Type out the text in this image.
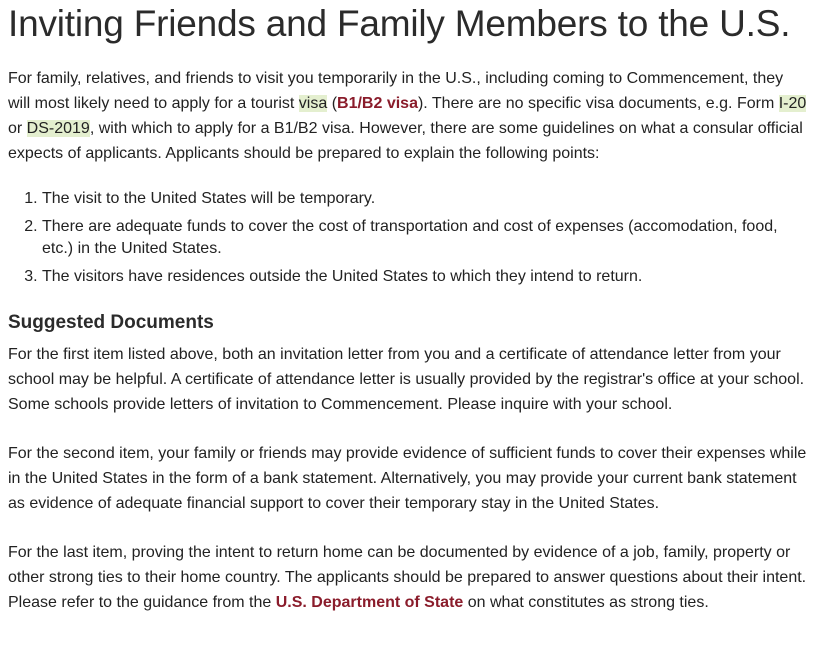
Inviting Friends and Family Members to the U.S.

For family, relatives, and friends to visit you temporarily in the U.S., including coming to Commencement, they will most likely need to apply for a tourist visa (B1/B2 visa). There are no specific visa documents, e.g. Form I-20 or DS-2019, with which to apply for a B1/B2 visa. However, there are some guidelines on what a consular official expects of applicants. Applicants should be prepared to explain the following points:

1. The visit to the United States will be temporary.
2. There are adequate funds to cover the cost of transportation and cost of expenses (accomodation, food, etc.) in the United States.
3. The visitors have residences outside the United States to which they intend to return.
Suggested Documents

For the first item listed above, both an invitation letter from you and a certificate of attendance letter from your school may be helpful. A certificate of attendance letter is usually provided by the registrar's office at your school. Some schools provide letters of invitation to Commencement. Please inquire with your school.

For the second item, your family or friends may provide evidence of sufficient funds to cover their expenses while in the United States in the form of a bank statement. Alternatively, you may provide your current bank statement as evidence of adequate financial support to cover their temporary stay in the United States.

For the last item, proving the intent to return home can be documented by evidence of a job, family, property or other strong ties to their home country. The applicants should be prepared to answer questions about their intent. Please refer to the guidance from the U.S. Department of State on what constitutes as strong ties.
